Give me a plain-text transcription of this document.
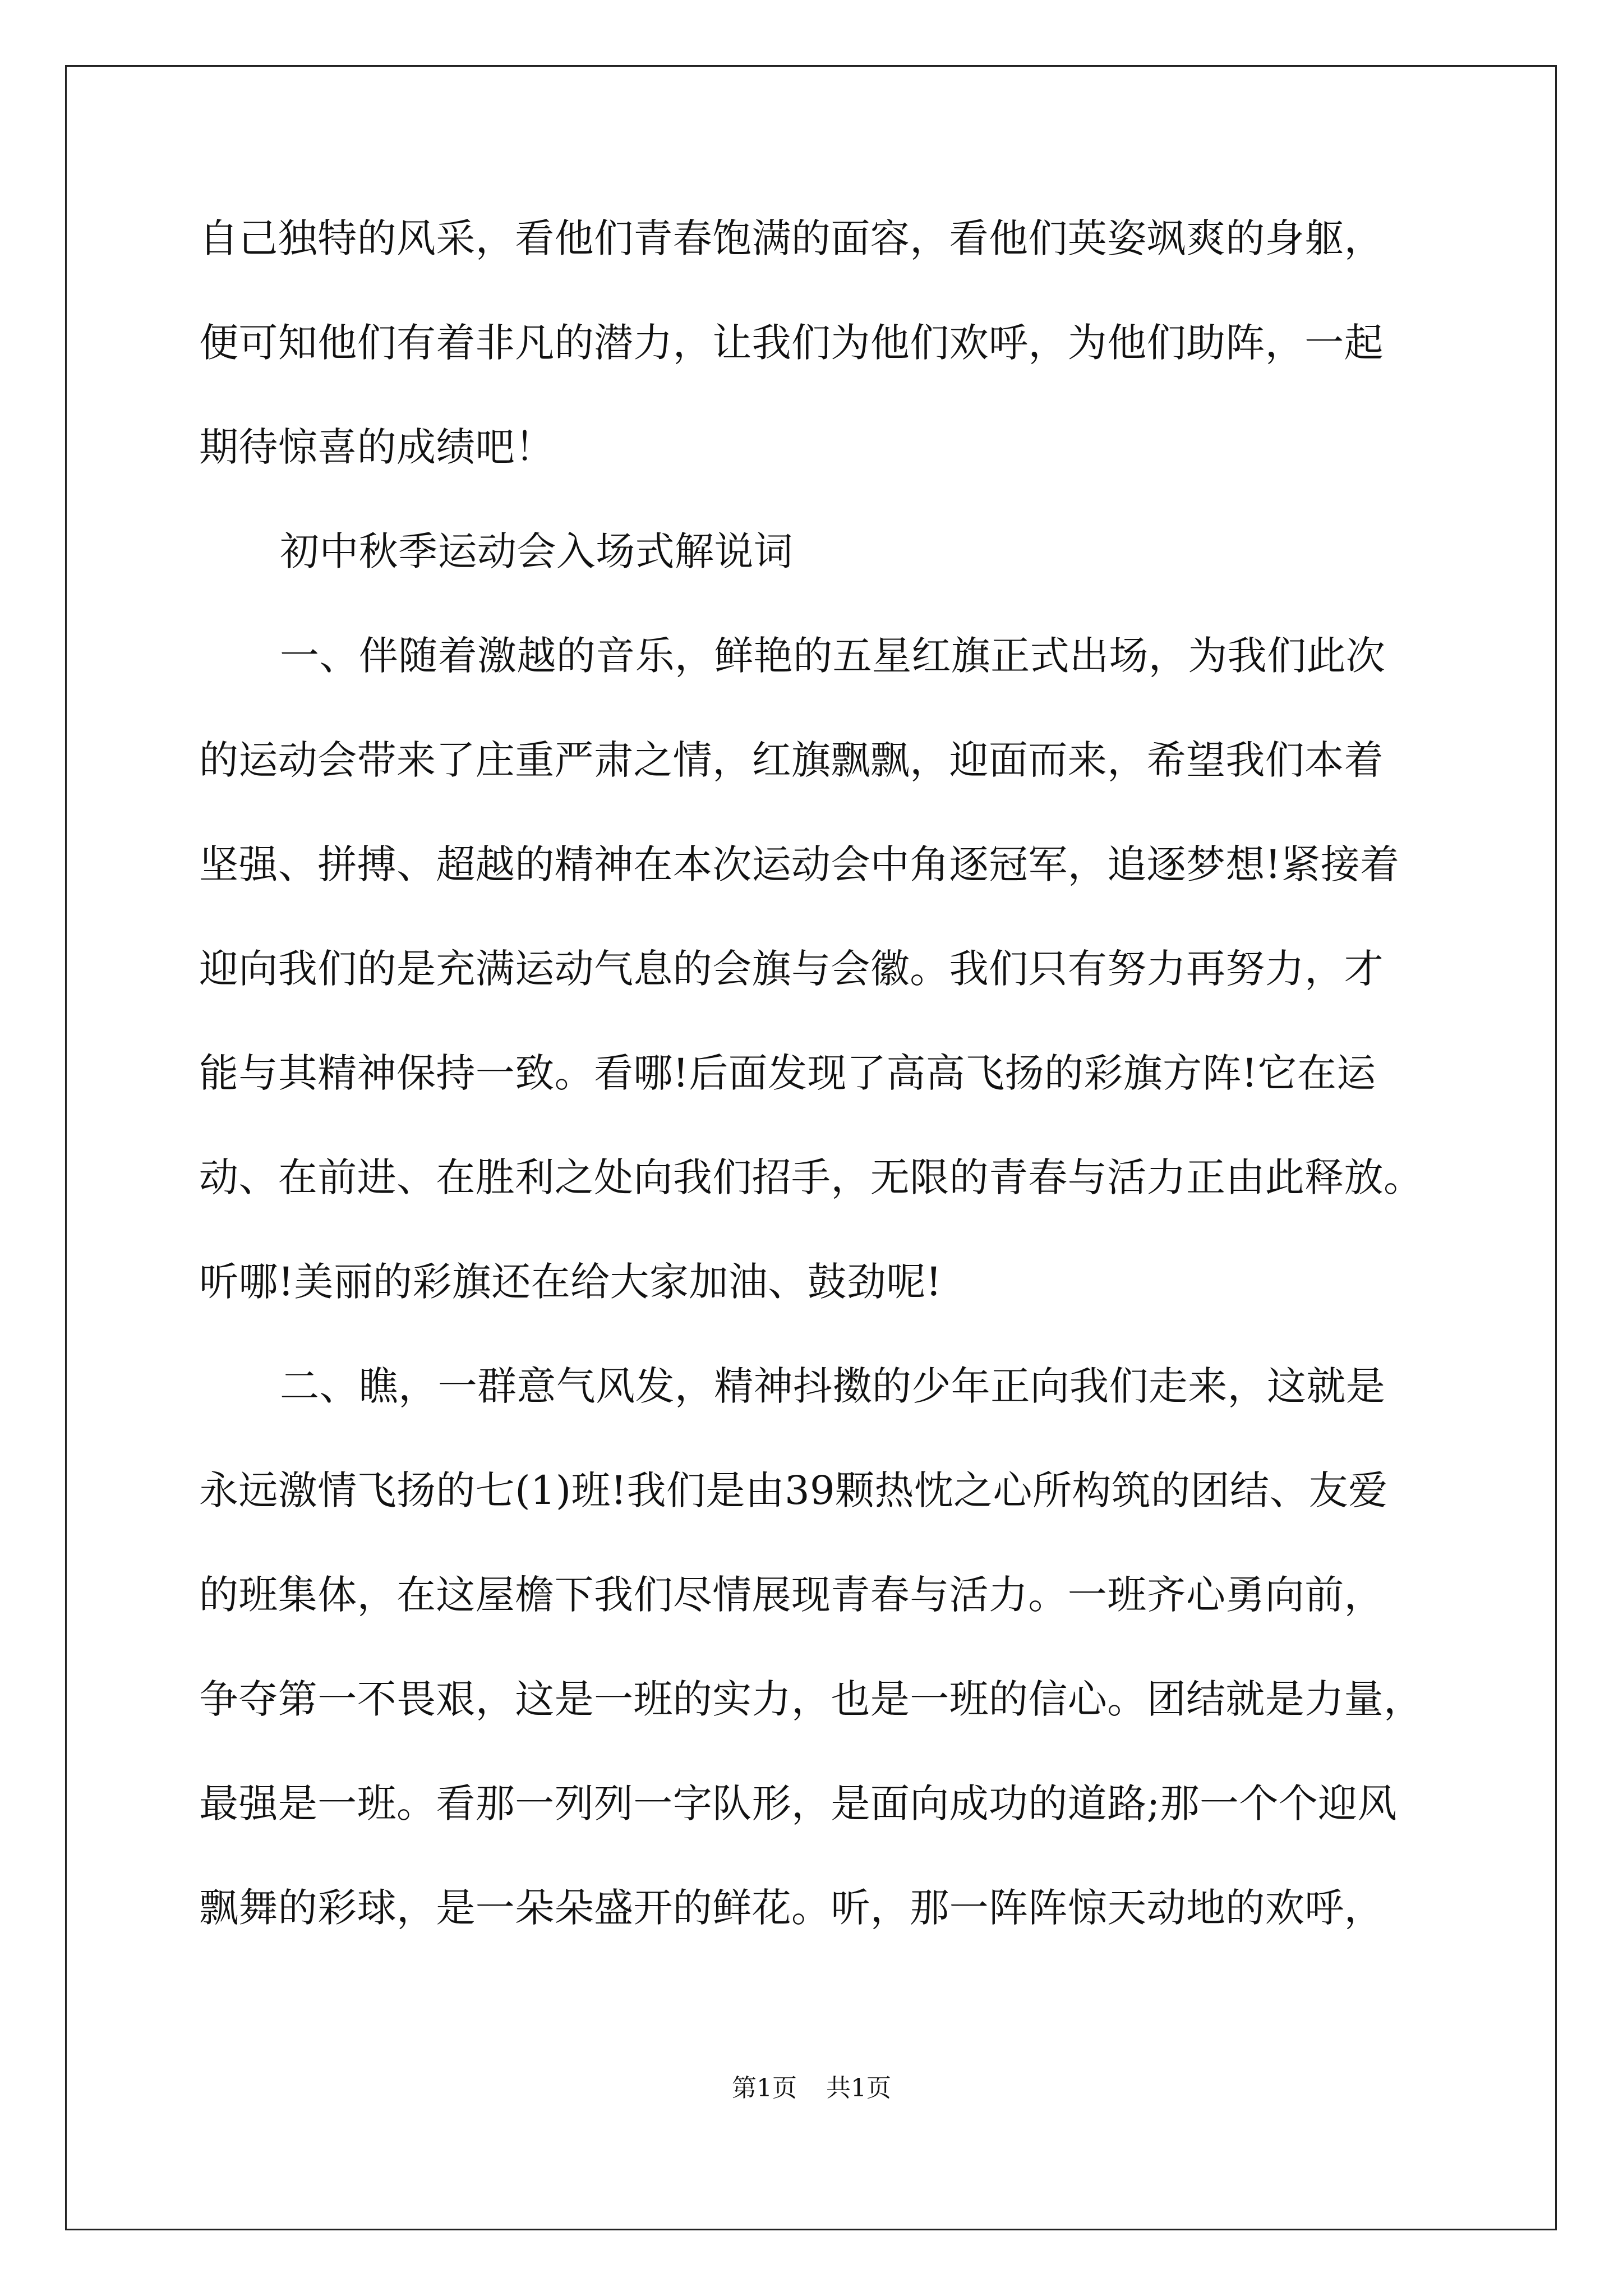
自己独特的风采，看他们青春饱满的面容，看他们英姿飒爽的身躯，
便可知他们有着非凡的潜力，让我们为他们欢呼，为他们助阵，一起
期待惊喜的成绩吧！
初中秋季运动会入场式解说词
一、伴随着激越的音乐，鲜艳的五星红旗正式出场，为我们此次
的运动会带来了庄重严肃之情，红旗飘飘，迎面而来，希望我们本着
坚强、拼搏、超越的精神在本次运动会中角逐冠军，追逐梦想!紧接着
迎向我们的是充满运动气息的会旗与会徽。我们只有努力再努力，才
能与其精神保持一致。看哪!后面发现了高高飞扬的彩旗方阵!它在运
动、在前进、在胜利之处向我们招手，无限的青春与活力正由此释放。
听哪!美丽的彩旗还在给大家加油、鼓劲呢!
二、瞧，一群意气风发，精神抖擞的少年正向我们走来，这就是
永远激情飞扬的七(1)班!我们是由39颗热忱之心所构筑的团结、友爱
的班集体，在这屋檐下我们尽情展现青春与活力。一班齐心勇向前，
争夺第一不畏艰，这是一班的实力，也是一班的信心。团结就是力量，
最强是一班。看那一列列一字队形，是面向成功的道路;那一个个迎风
飘舞的彩球，是一朵朵盛开的鲜花。听，那一阵阵惊天动地的欢呼，
第1页 共1页
